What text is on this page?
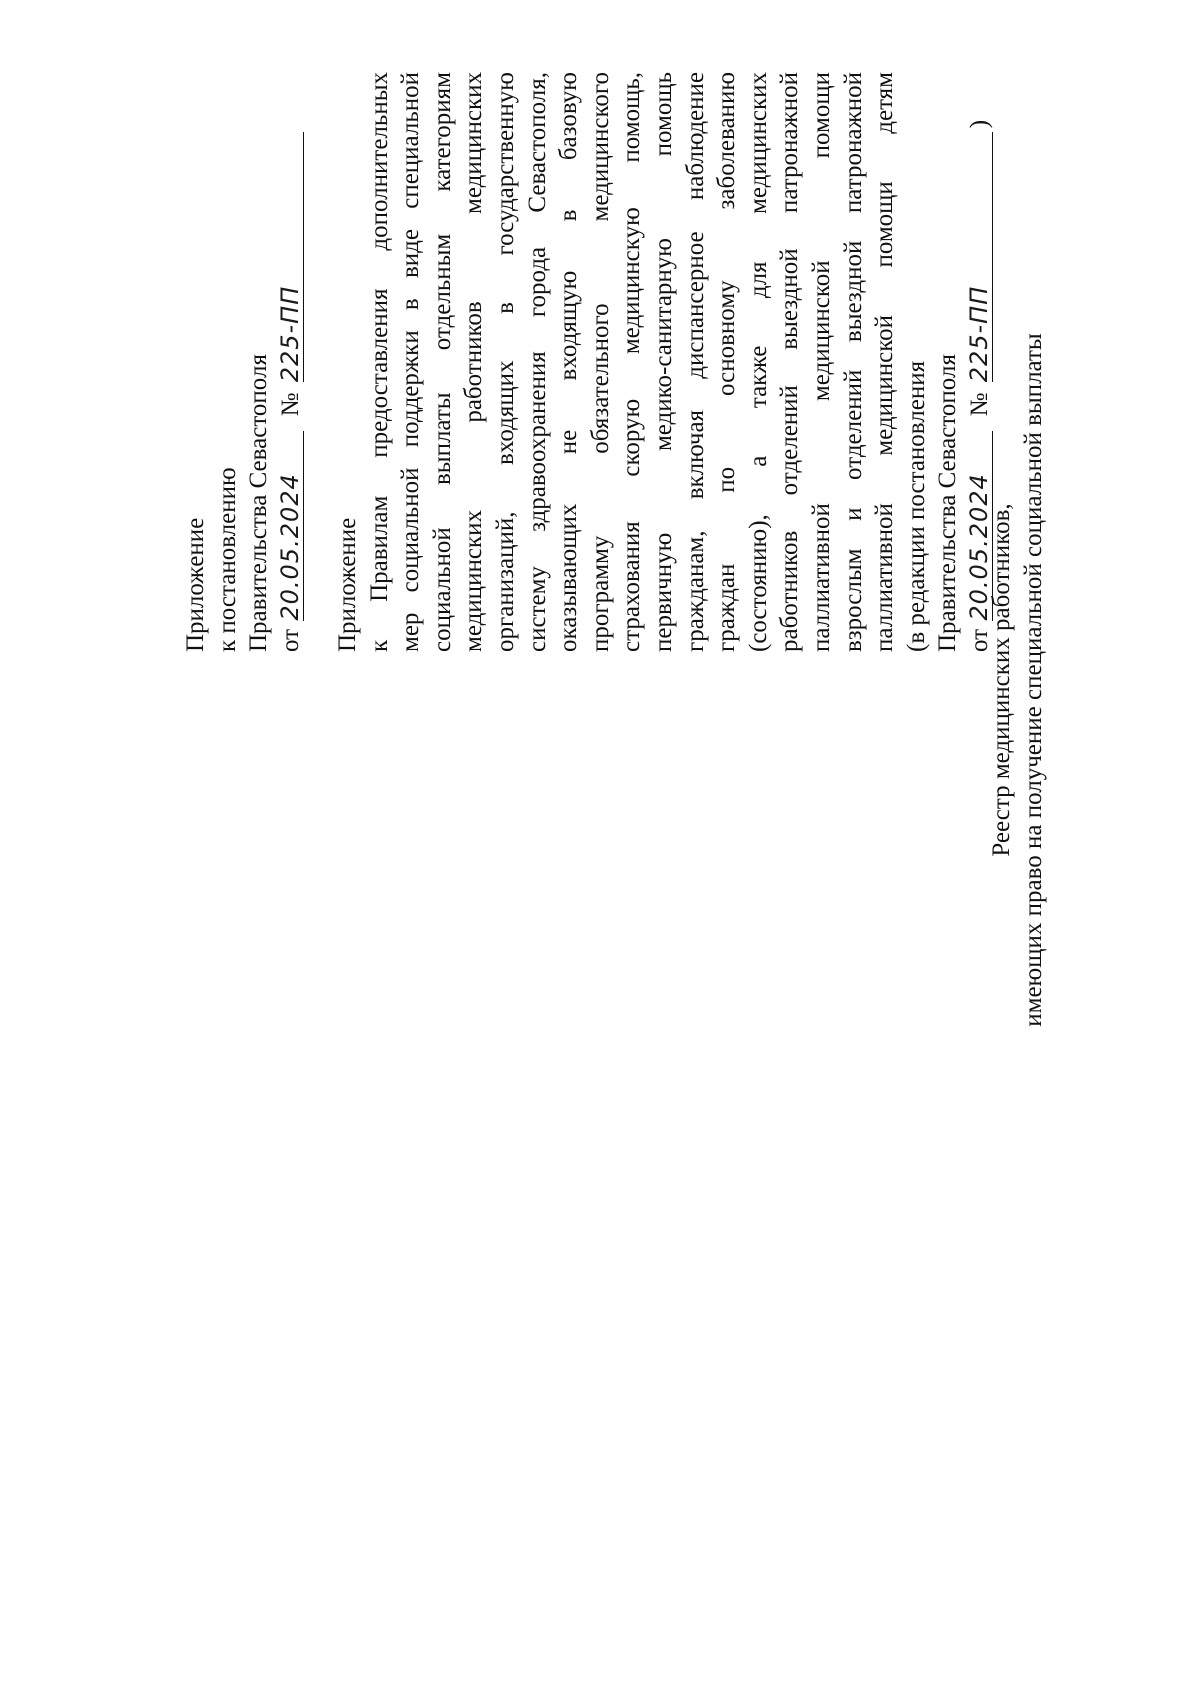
Приложение к постановлению Правительства Севастополя от 20.05.2024 № 225-ПП
Приложение к Правилам предоставления дополнительных мер социальной поддержки в виде специальной социальной выплаты отдельным категориям медицинских работников медицинских организаций, входящих в государственную систему здравоохранения города Севастополя, оказывающих не входящую в базовую программу обязательного медицинского страхования скорую медицинскую помощь, первичную медико-санитарную помощь гражданам, включая диспансерное наблюдение граждан по основному заболеванию (состоянию), а также для медицинских работников отделений выездной патронажной паллиативной медицинской помощи взрослым и отделений выездной патронажной паллиативной медицинской помощи детям (в редакции постановления Правительства Севастополя от 20.05.2024 № 225-ПП)
Реестр медицинских работников, имеющих право на получение специальной социальной выплаты
